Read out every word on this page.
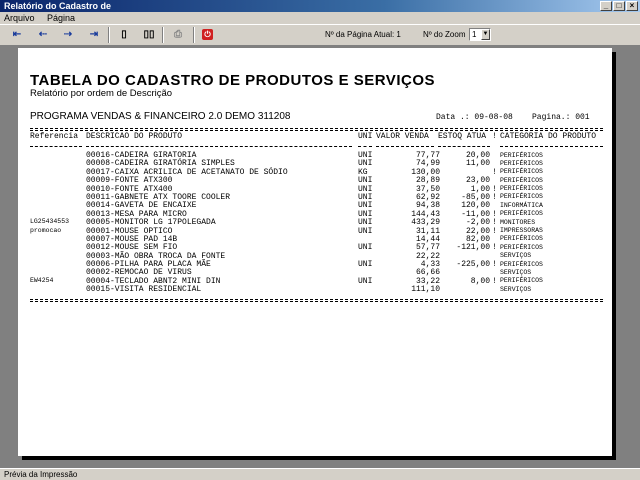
Relatório do Cadastro de	_	□	×
Arquivo Página
⇤ ⇠ ⇢ ⇥	▯	▯▯	⎙	⏻	Nº da Página Atual: 1	Nº do Zoom 1 ▼
TABELA DO CADASTRO DE PRODUTOS E SERVIÇOS
Relatório por ordem de Descrição
PROGRAMA VENDAS & FINANCEIRO 2.0 DEMO 311208	Data .: 09-08-08 Pagina.: 001
Referencia DESCRICAO DO PRODUTO	UNI VALOR VENDA ESTOQ ATUA ! CATEGORIA DO PRODUTO
00016-CADEIRA GIRATORIA	UNI	77,77	20,00 PERIFÉRICOS
00008-CADEIRA GIRATÓRIA SIMPLES	UNI	74,99	11,00 PERIFÉRICOS
00017-CAIXA ACRILICA DE ACETANATO DE SÓDIO	KG	130,00	! PERIFÉRICOS
00009-FONTE ATX300	UNI	28,89	23,00 PERIFÉRICOS
00010-FONTE ATX400	UNI	37,50	1,00 ! PERIFÉRICOS
00011-GABNETE ATX TOORE COOLER	UNI	62,92	-85,00 ! PERIFÉRICOS
00014-GAVETA DE ENCAIXE	UNI	94,38	120,00 INFORMÁTICA
00013-MESA PARA MICRO	UNI	144,43	-11,00 ! PERIFÉRICOS
LG25434553 00005-MONITOR LG 17POLEGADA	UNI	433,29	-2,00 ! MONITORES
promocao	00001-MOUSE OPTICO	UNI	31,11	22,00 ! IMPRESSORAS
00007-MOUSE PAD 14B	14,44	82,00 PERIFÉRICOS
00012-MOUSE SEM FIO	UNI	57,77	-121,00 ! PERIFÉRICOS
00003-MÃO OBRA TROCA DA FONTE	22,22	SERVIÇOS
00006-PILHA PARA PLACA MÃE	UNI	4,33	-225,00 ! PERIFÉRICOS
00002-REMOCAO DE VIRUS	66,66	SERVIÇOS
EW4254	00004-TECLADO ABNT2 MINI DIN	UNI	33,22	8,00 ! PERIFÉRICOS
00015-VISITA RESIDENCIAL	111,10	SERVIÇOS
Prévia da Impressão
